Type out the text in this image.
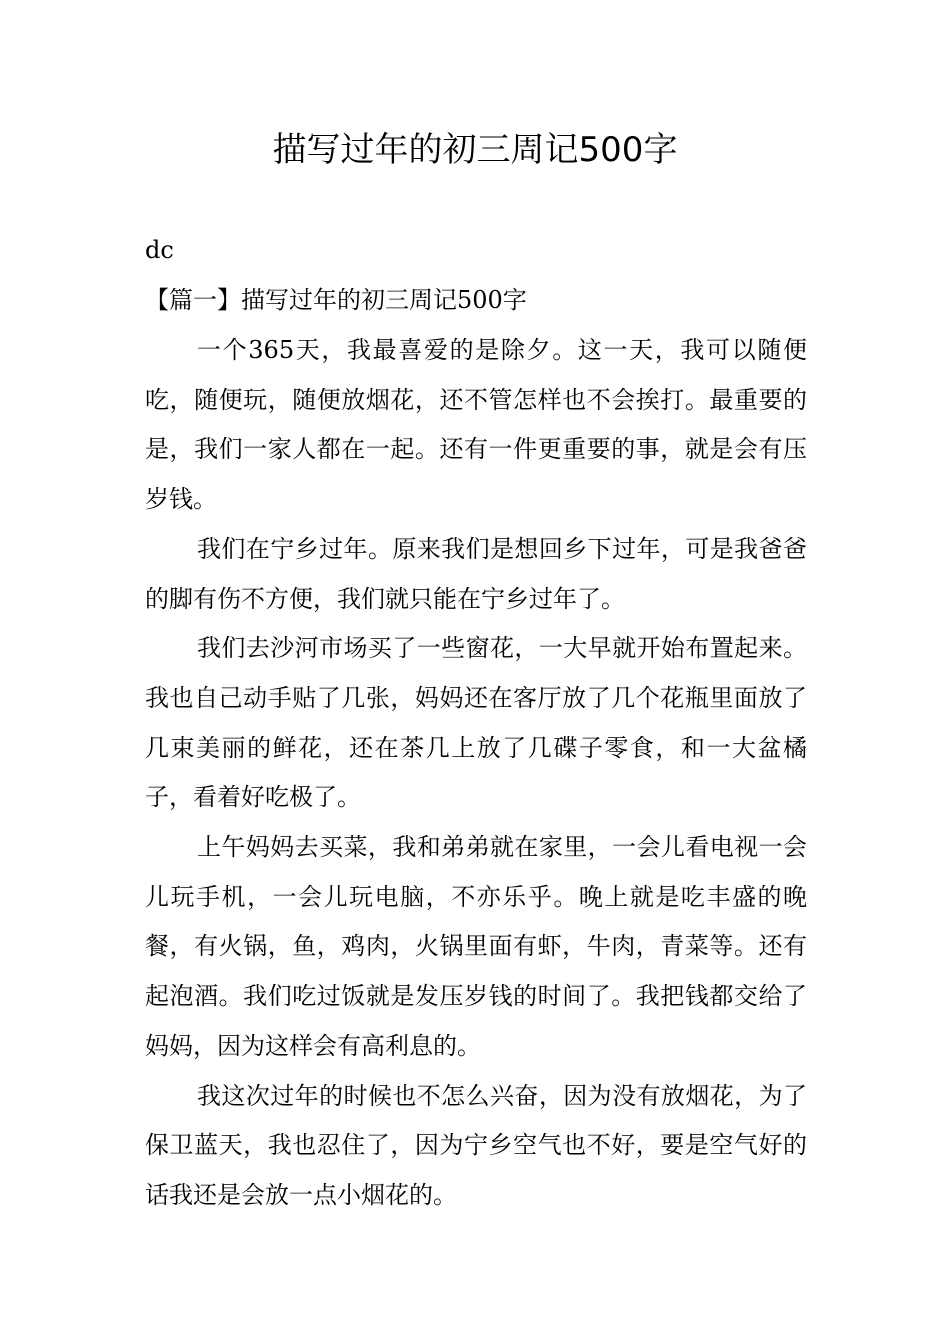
描写过年的初三周记500字

dc

【篇一】描写过年的初三周记500字

一个365天，我最喜爱的是除夕。这一天，我可以随便吃，随便玩，随便放烟花，还不管怎样也不会挨打。最重要的是，我们一家人都在一起。还有一件更重要的事，就是会有压岁钱。

我们在宁乡过年。原来我们是想回乡下过年，可是我爸爸的脚有伤不方便，我们就只能在宁乡过年了。

我们去沙河市场买了一些窗花，一大早就开始布置起来。我也自己动手贴了几张，妈妈还在客厅放了几个花瓶里面放了几束美丽的鲜花，还在茶几上放了几碟子零食，和一大盆橘子，看着好吃极了。

上午妈妈去买菜，我和弟弟就在家里，一会儿看电视一会儿玩手机，一会儿玩电脑，不亦乐乎。晚上就是吃丰盛的晚餐，有火锅，鱼，鸡肉，火锅里面有虾，牛肉，青菜等。还有起泡酒。我们吃过饭就是发压岁钱的时间了。我把钱都交给了妈妈，因为这样会有高利息的。

我这次过年的时候也不怎么兴奋，因为没有放烟花，为了保卫蓝天，我也忍住了，因为宁乡空气也不好，要是空气好的话我还是会放一点小烟花的。
